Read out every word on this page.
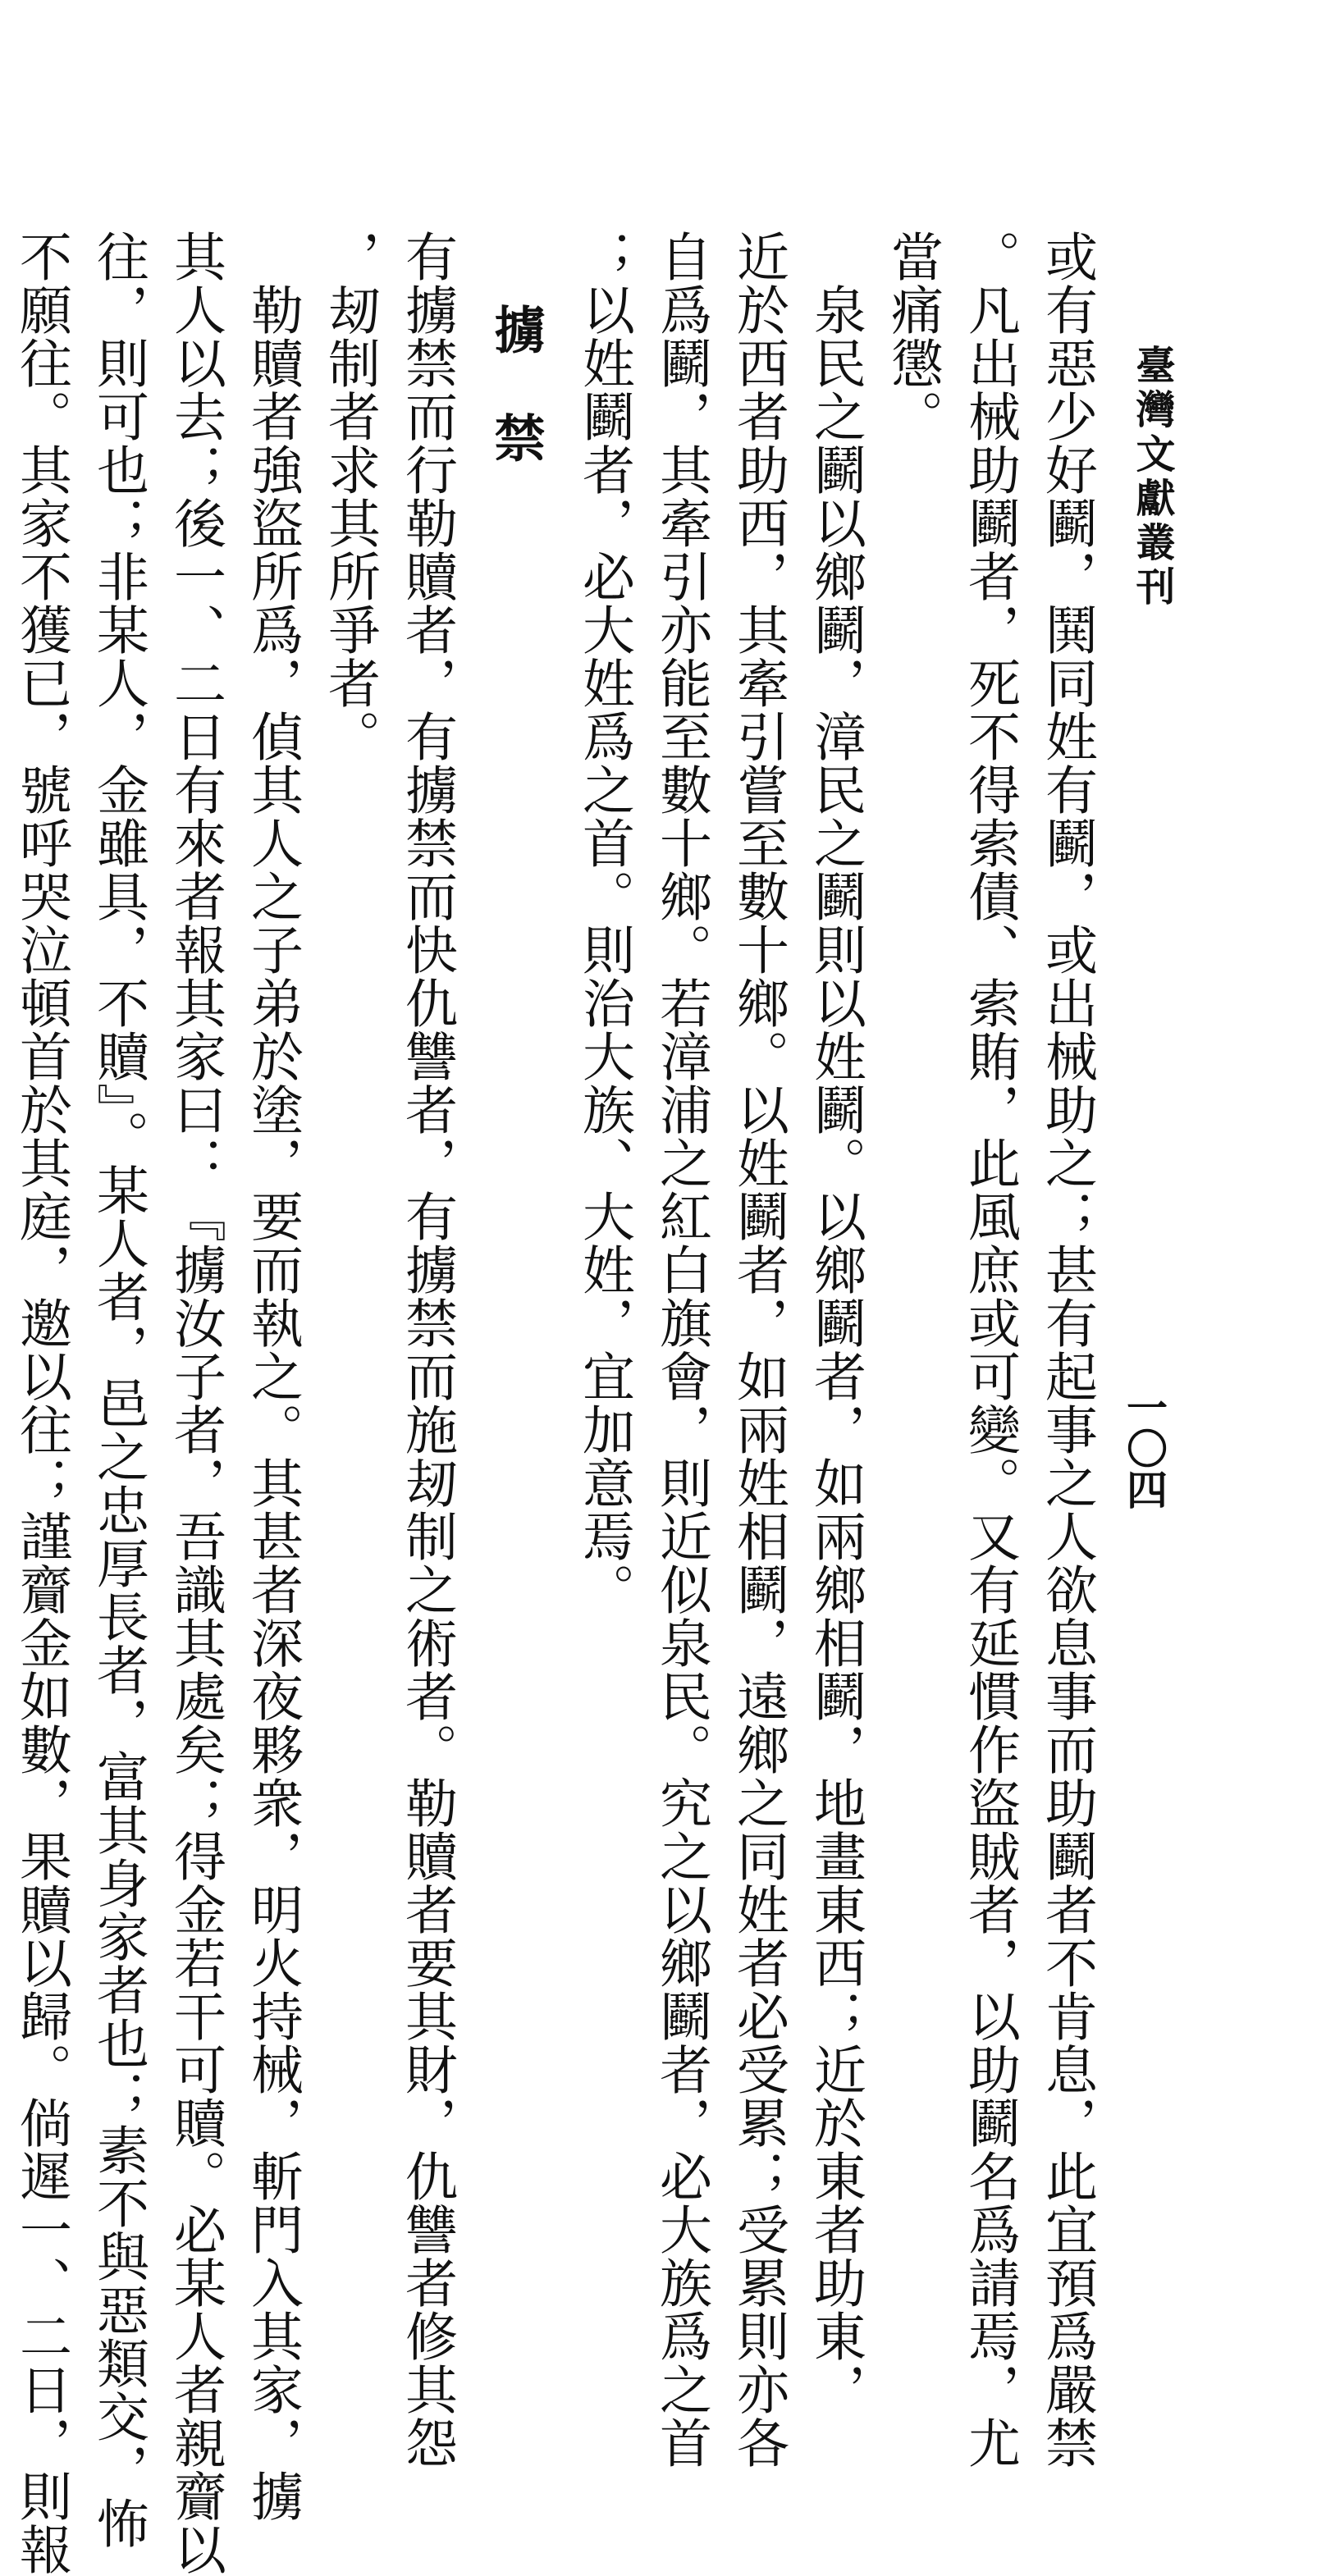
臺灣文獻叢刊
一〇四
或有惡少好鬬，鬨同姓有鬬，或出械助之；甚有起事之人欲息事而助鬬者不肯息，此宜預爲嚴禁
。凡出械助鬬者，死不得索債、索賄，此風庶或可變。又有延慣作盜賊者，以助鬬名爲請焉，尤
當痛懲。
　泉民之鬬以鄉鬬，漳民之鬬則以姓鬬。以鄉鬬者，如兩鄉相鬬，地畫東西；近於東者助東，
近於西者助西，其牽引嘗至數十鄉。以姓鬬者，如兩姓相鬬，遠鄉之同姓者必受累；受累則亦各
自爲鬬，其牽引亦能至數十鄉。若漳浦之紅白旗會，則近似泉民。究之以鄉鬬者，必大族爲之首
；以姓鬬者，必大姓爲之首。則治大族、大姓，宜加意焉。
擄禁
有擄禁而行勒贖者，有擄禁而快仇讐者，有擄禁而施刼制之術者。勒贖者要其財，仇讐者修其怨
，刼制者求其所爭者。
　勒贖者強盜所爲，偵其人之子弟於塗，要而執之。其甚者深夜夥衆，明火持械，斬門入其家，擄
其人以去；後一、二日有來者報其家曰：『擄汝子者，吾識其處矣；得金若干可贖。必某人者親齎以
往，則可也；非某人，金雖具，不贖』。某人者，邑之忠厚長者，富其身家者也；素不與惡類交，怖
不願往。其家不獲已，號呼哭泣頓首於其庭，邀以往；謹齎金如數，果贖以歸。倘遲一、二日，則報
